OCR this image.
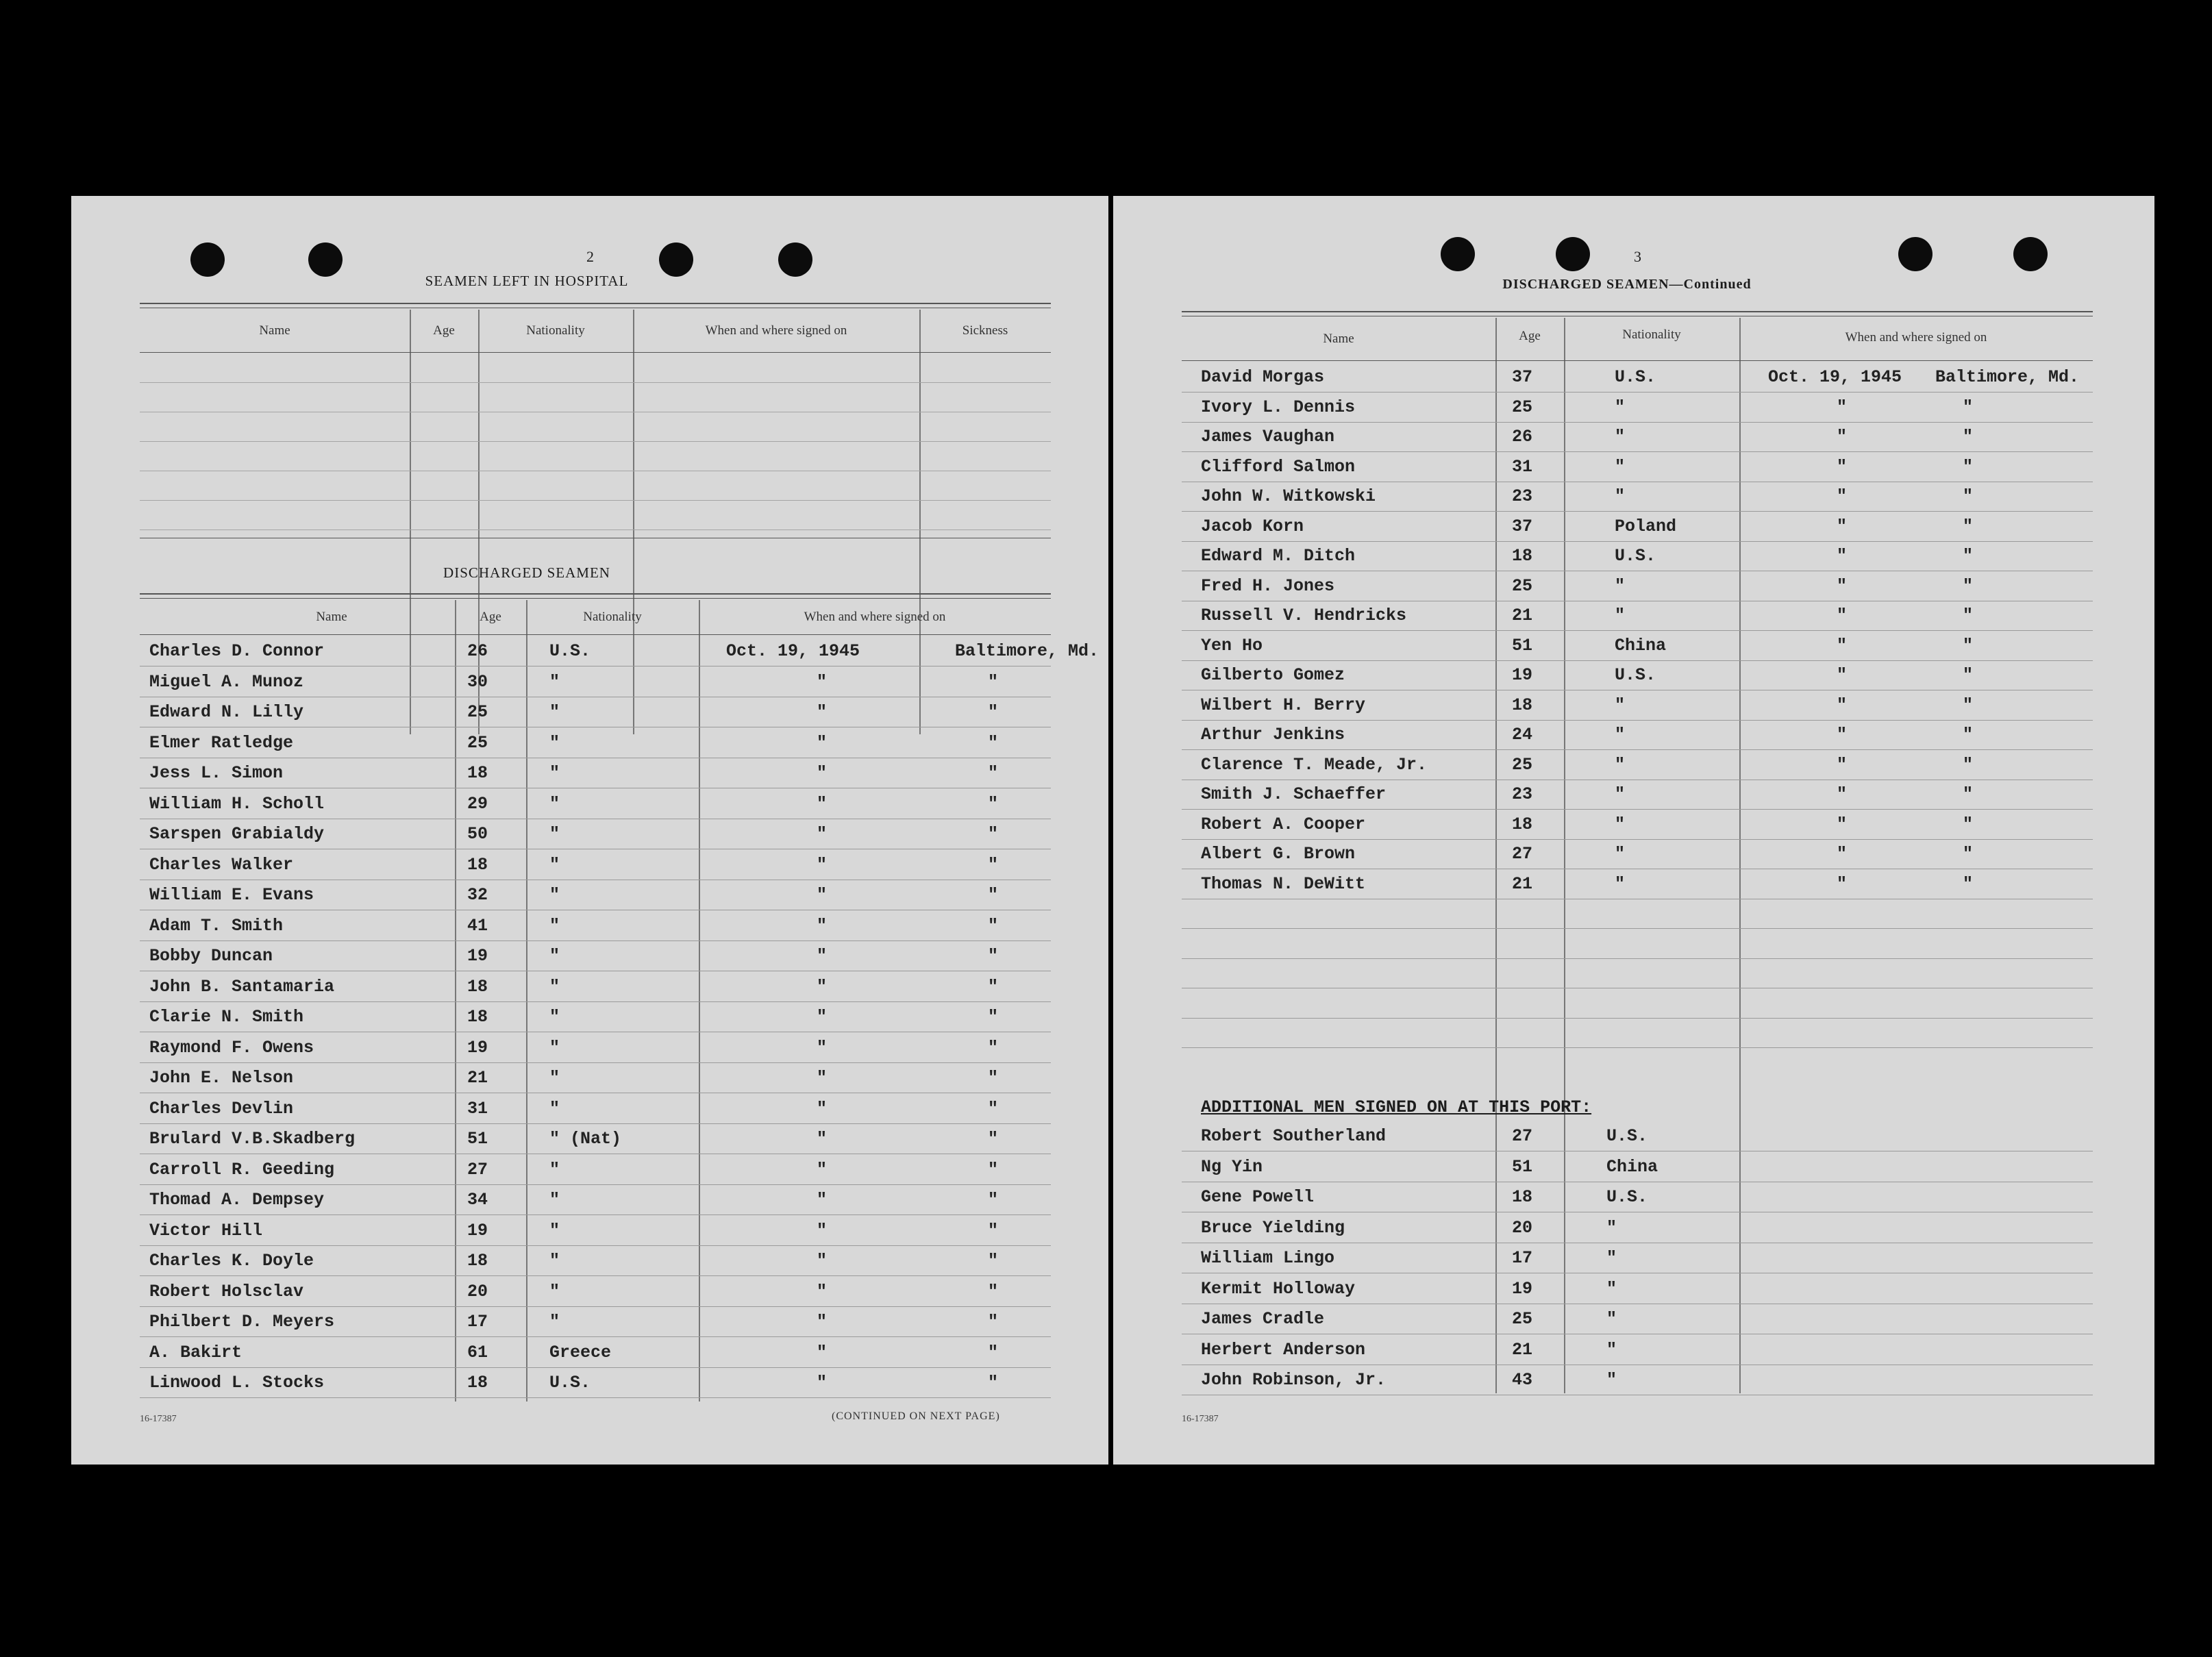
2
SEAMEN LEFT IN HOSPITAL
Name	Age	Nationality	When and where signed on	Sickness
DISCHARGED SEAMEN
Name	Age	Nationality	When and where signed on
Charles D. Connor	26	U.S.	Oct. 19, 1945	Baltimore, Md.
Miguel A. Munoz	30	"	"	"
Edward N. Lilly	25	"	"	"
Elmer Ratledge	25	"	"	"
Jess L. Simon	18	"	"	"
William H. Scholl	29	"	"	"
Sarspen Grabialdy	50	"	"	"
Charles Walker	18	"	"	"
William E. Evans	32	"	"	"
Adam T. Smith	41	"	"	"
Bobby Duncan	19	"	"	"
John B. Santamaria	18	"	"	"
Clarie N. Smith	18	"	"	"
Raymond F. Owens	19	"	"	"
John E. Nelson	21	"	"	"
Charles Devlin	31	"	"	"
Brulard V.B.Skadberg	51	" (Nat)	"	"
Carroll R. Geeding	27	"	"	"
Thomad A. Dempsey	34	"	"	"
Victor Hill	19	"	"	"
Charles K. Doyle	18	"	"	"
Robert Holsclav	20	"	"	"
Philbert D. Meyers	17	"	"	"
A. Bakirt	61	Greece	"	"
Linwood L. Stocks	18	U.S.	"	"
16-17387	(CONTINUED ON NEXT PAGE)
3
DISCHARGED SEAMEN—Continued
Name	Age	Nationality	When and where signed on
David Morgas	37	U.S.	Oct. 19, 1945 Baltimore, Md.
Ivory L. Dennis	25	"	"	"
James Vaughan	26	"	"	"
Clifford Salmon	31	"	"	"
John W. Witkowski	23	"	"	"
Jacob Korn	37	Poland	"	"
Edward M. Ditch	18	U.S.	"	"
Fred H. Jones	25	"	"	"
Russell V. Hendricks	21	"	"	"
Yen Ho	51	China	"	"
Gilberto Gomez	19	U.S.	"	"
Wilbert H. Berry	18	"	"	"
Arthur Jenkins	24	"	"	"
Clarence T. Meade, Jr.	25	"	"	"
Smith J. Schaeffer	23	"	"	"
Robert A. Cooper	18	"	"	"
Albert G. Brown	27	"	"	"
Thomas N. DeWitt	21	"	"	"
ADDITIONAL MEN SIGNED ON AT THIS PORT:
Robert Southerland	27	U.S.
Ng Yin	51	China
Gene Powell	18	U.S.
Bruce Yielding	20	"
William Lingo	17	"
Kermit Holloway	19	"
James Cradle	25	"
Herbert Anderson	21	"
John Robinson, Jr.	43	"
16-17387
